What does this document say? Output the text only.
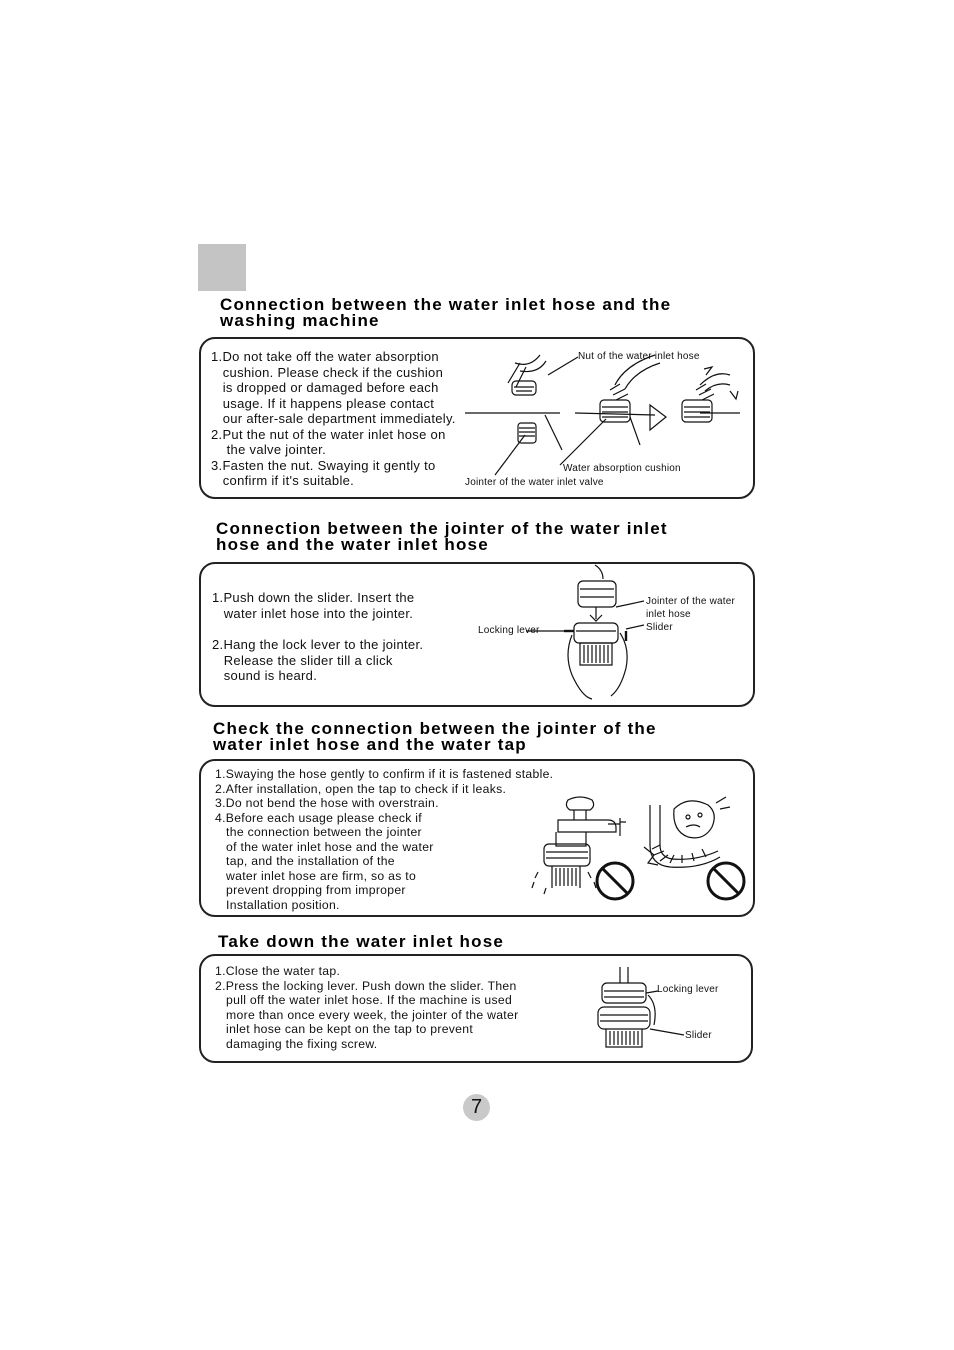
Connection between the water inlet hose and the
washing machine
1.Do not take off the water absorption
cushion. Please check if the cushion
is dropped or damaged before each
usage. If it happens please contact
our after-sale department immediately.
2.Put the nut of the water inlet hose on
the valve jointer.
3.Fasten the nut. Swaying it gently to
confirm if it's suitable.
Nut of the water inlet hose
Water absorption cushion
Jointer of the water inlet valve
Connection between the jointer of the water inlet
hose and the water inlet hose
1.Push down the slider. Insert the
water inlet hose into the jointer.
2.Hang the lock lever to the jointer.
Release the slider till a click
sound is heard.
Locking lever
Jointer of the water
inlet hose
Slider
Check the connection between the jointer of the
water inlet hose and the water tap
1.Swaying the hose gently to confirm if it is fastened stable.
2.After installation, open the tap to check if it leaks.
3.Do not bend the hose with overstrain.
4.Before each usage please check if
the connection between the jointer
of the water inlet hose and the water
tap, and the installation of the
water inlet hose are firm, so as to
prevent dropping from improper
Installation position.
Take down the water inlet hose
1.Close the water tap.
2.Press the locking lever. Push down the slider. Then
pull off the water inlet hose. If the machine is used
more than once every week, the jointer of the water
inlet hose can be kept on the tap to prevent
damaging the fixing screw.
Locking lever
Slider
7
